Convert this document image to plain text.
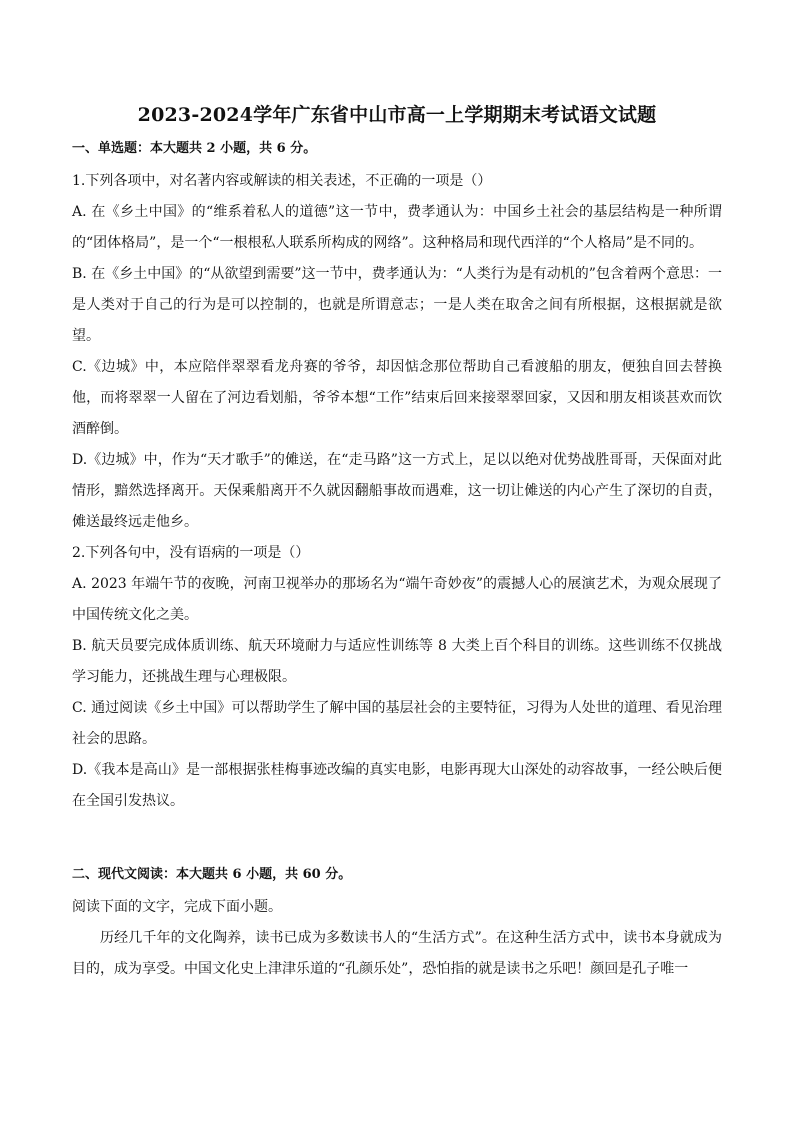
2023-2024学年广东省中山市高一上学期期末考试语文试题
一、单选题：本大题共 2 小题，共 6 分。

1.下列各项中，对名著内容或解读的相关表述，不正确的一项是（）

A. 在《乡土中国》的“维系着私人的道德”这一节中，费孝通认为：中国乡土社会的基层结构是一种所谓的“团体格局”，是一个“一根根私人联系所构成的网络”。这种格局和现代西洋的“个人格局”是不同的。

B. 在《乡土中国》的“从欲望到需要”这一节中，费孝通认为：“人类行为是有动机的”包含着两个意思：一是人类对于自己的行为是可以控制的，也就是所谓意志；一是人类在取舍之间有所根据，这根据就是欲望。

C.《边城》中，本应陪伴翠翠看龙舟赛的爷爷，却因惦念那位帮助自己看渡船的朋友，便独自回去替换他，而将翠翠一人留在了河边看划船，爷爷本想“工作”结束后回来接翠翠回家，又因和朋友相谈甚欢而饮酒醉倒。

D.《边城》中，作为“天才歌手”的傩送，在“走马路”这一方式上，足以以绝对优势战胜哥哥，天保面对此情形，黯然选择离开。天保乘船离开不久就因翻船事故而遇难，这一切让傩送的内心产生了深切的自责，傩送最终远走他乡。

2.下列各句中，没有语病的一项是（）

A. 2023 年端午节的夜晚，河南卫视举办的那场名为“端午奇妙夜”的震撼人心的展演艺术，为观众展现了中国传统文化之美。

B. 航天员要完成体质训练、航天环境耐力与适应性训练等 8 大类上百个科目的训练。这些训练不仅挑战学习能力，还挑战生理与心理极限。

C. 通过阅读《乡土中国》可以帮助学生了解中国的基层社会的主要特征，习得为人处世的道理、看见治理社会的思路。

D.《我本是高山》是一部根据张桂梅事迹改编的真实电影，电影再现大山深处的动容故事，一经公映后便在全国引发热议。

二、现代文阅读：本大题共 6 小题，共 60 分。

阅读下面的文字，完成下面小题。

历经几千年的文化陶养，读书已成为多数读书人的“生活方式”。在这种生活方式中，读书本身就成为目的，成为享受。中国文化史上津津乐道的“孔颜乐处”，恐怕指的就是读书之乐吧！颜回是孔子唯一
